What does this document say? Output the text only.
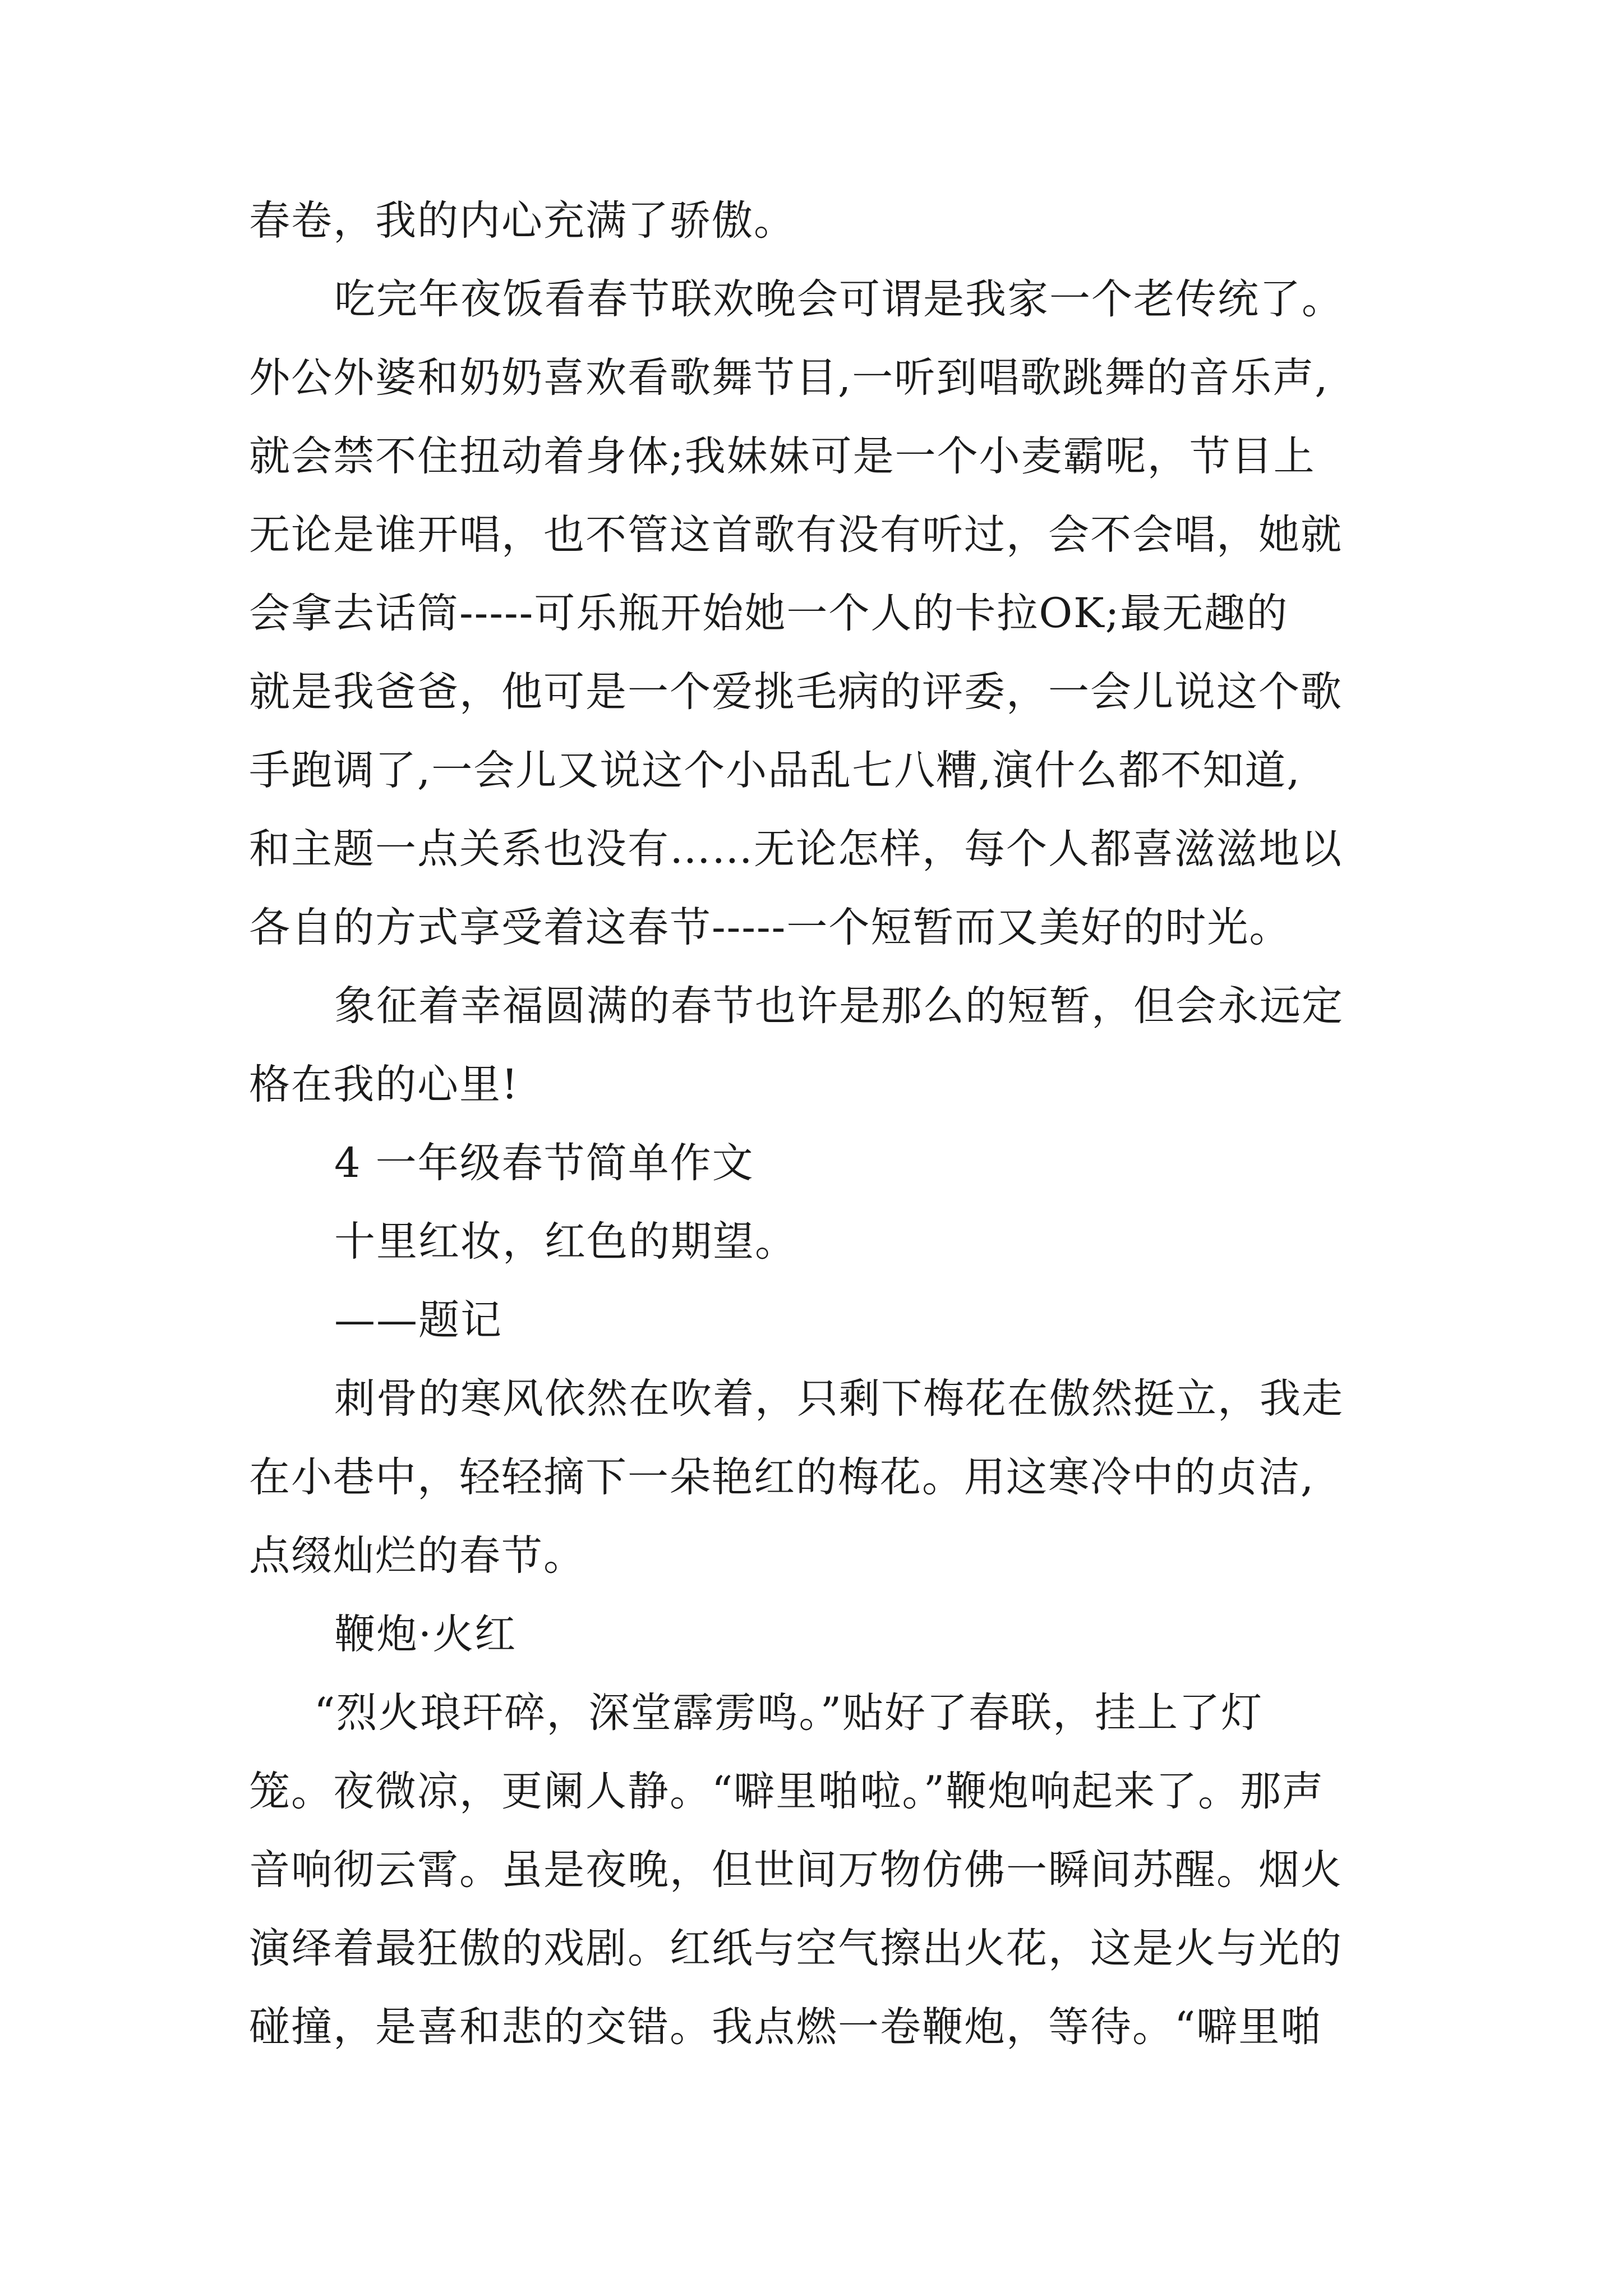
春卷，我的内心充满了骄傲。
吃完年夜饭看春节联欢晚会可谓是我家一个老传统了。
外公外婆和奶奶喜欢看歌舞节目,一听到唱歌跳舞的音乐声,
就会禁不住扭动着身体;我妹妹可是一个小麦霸呢，节目上
无论是谁开唱，也不管这首歌有没有听过，会不会唱，她就
会拿去话筒-----可乐瓶开始她一个人的卡拉OK;最无趣的
就是我爸爸，他可是一个爱挑毛病的评委，一会儿说这个歌
手跑调了,一会儿又说这个小品乱七八糟,演什么都不知道,
和主题一点关系也没有……无论怎样，每个人都喜滋滋地以
各自的方式享受着这春节-----一个短暂而又美好的时光。
象征着幸福圆满的春节也许是那么的短暂，但会永远定
格在我的心里!
4 一年级春节简单作文
十里红妆，红色的期望。
——题记
刺骨的寒风依然在吹着，只剩下梅花在傲然挺立，我走
在小巷中，轻轻摘下一朵艳红的梅花。用这寒冷中的贞洁,
点缀灿烂的春节。
鞭炮·火红
“烈火琅玕碎，深堂霹雳鸣。”贴好了春联，挂上了灯
笼。夜微凉，更阑人静。“噼里啪啦。”鞭炮响起来了。那声
音响彻云霄。虽是夜晚，但世间万物仿佛一瞬间苏醒。烟火
演绎着最狂傲的戏剧。红纸与空气擦出火花，这是火与光的
碰撞，是喜和悲的交错。我点燃一卷鞭炮，等待。“噼里啪
